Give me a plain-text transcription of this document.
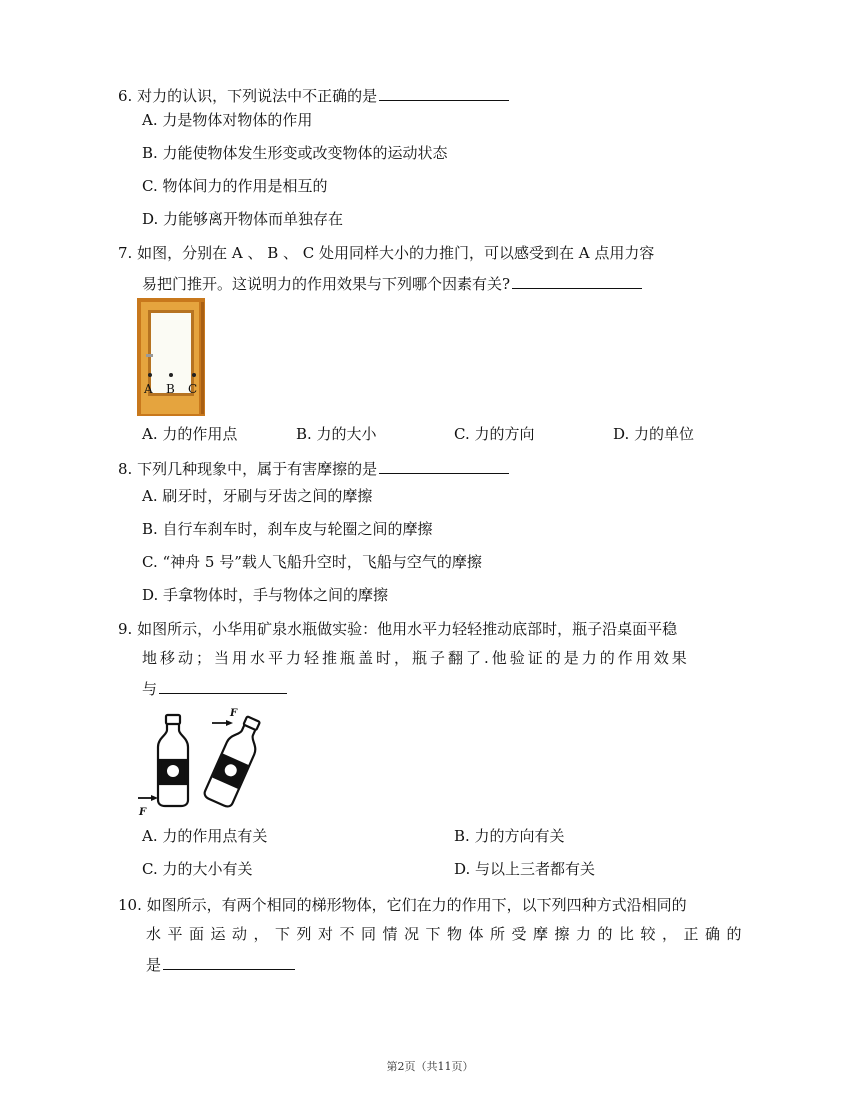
6. 对力的认识，下列说法中不正确的是
A. 力是物体对物体的作用
B. 力能使物体发生形变或改变物体的运动状态
C. 物体间力的作用是相互的
D. 力能够离开物体而单独存在
7. 如图，分别在 A 、 B 、 C 处用同样大小的力推门，可以感受到在 A 点用力容
易把门推开。这说明力的作用效果与下列哪个因素有关?
A B C
A. 力的作用点	B. 力的大小	C. 力的方向	D. 力的单位
8. 下列几种现象中，属于有害摩擦的是
A. 刷牙时，牙刷与牙齿之间的摩擦
B. 自行车刹车时，刹车皮与轮圈之间的摩擦
C. “神舟 5 号”载人飞船升空时，飞船与空气的摩擦
D. 手拿物体时，手与物体之间的摩擦
9. 如图所示，小华用矿泉水瓶做实验：他用水平力轻轻推动底部时，瓶子沿桌面平稳
地移动；当用水平力轻推瓶盖时，瓶子翻了.他验证的是力的作用效果
与
F
F
A. 力的作用点有关	B. 力的方向有关
C. 力的大小有关	D. 与以上三者都有关
10. 如图所示，有两个相同的梯形物体，它们在力的作用下，以下列四种方式沿相同的
水平面运动，下列对不同情况下物体所受摩擦力的比较，正确的
是
第2页（共11页）
